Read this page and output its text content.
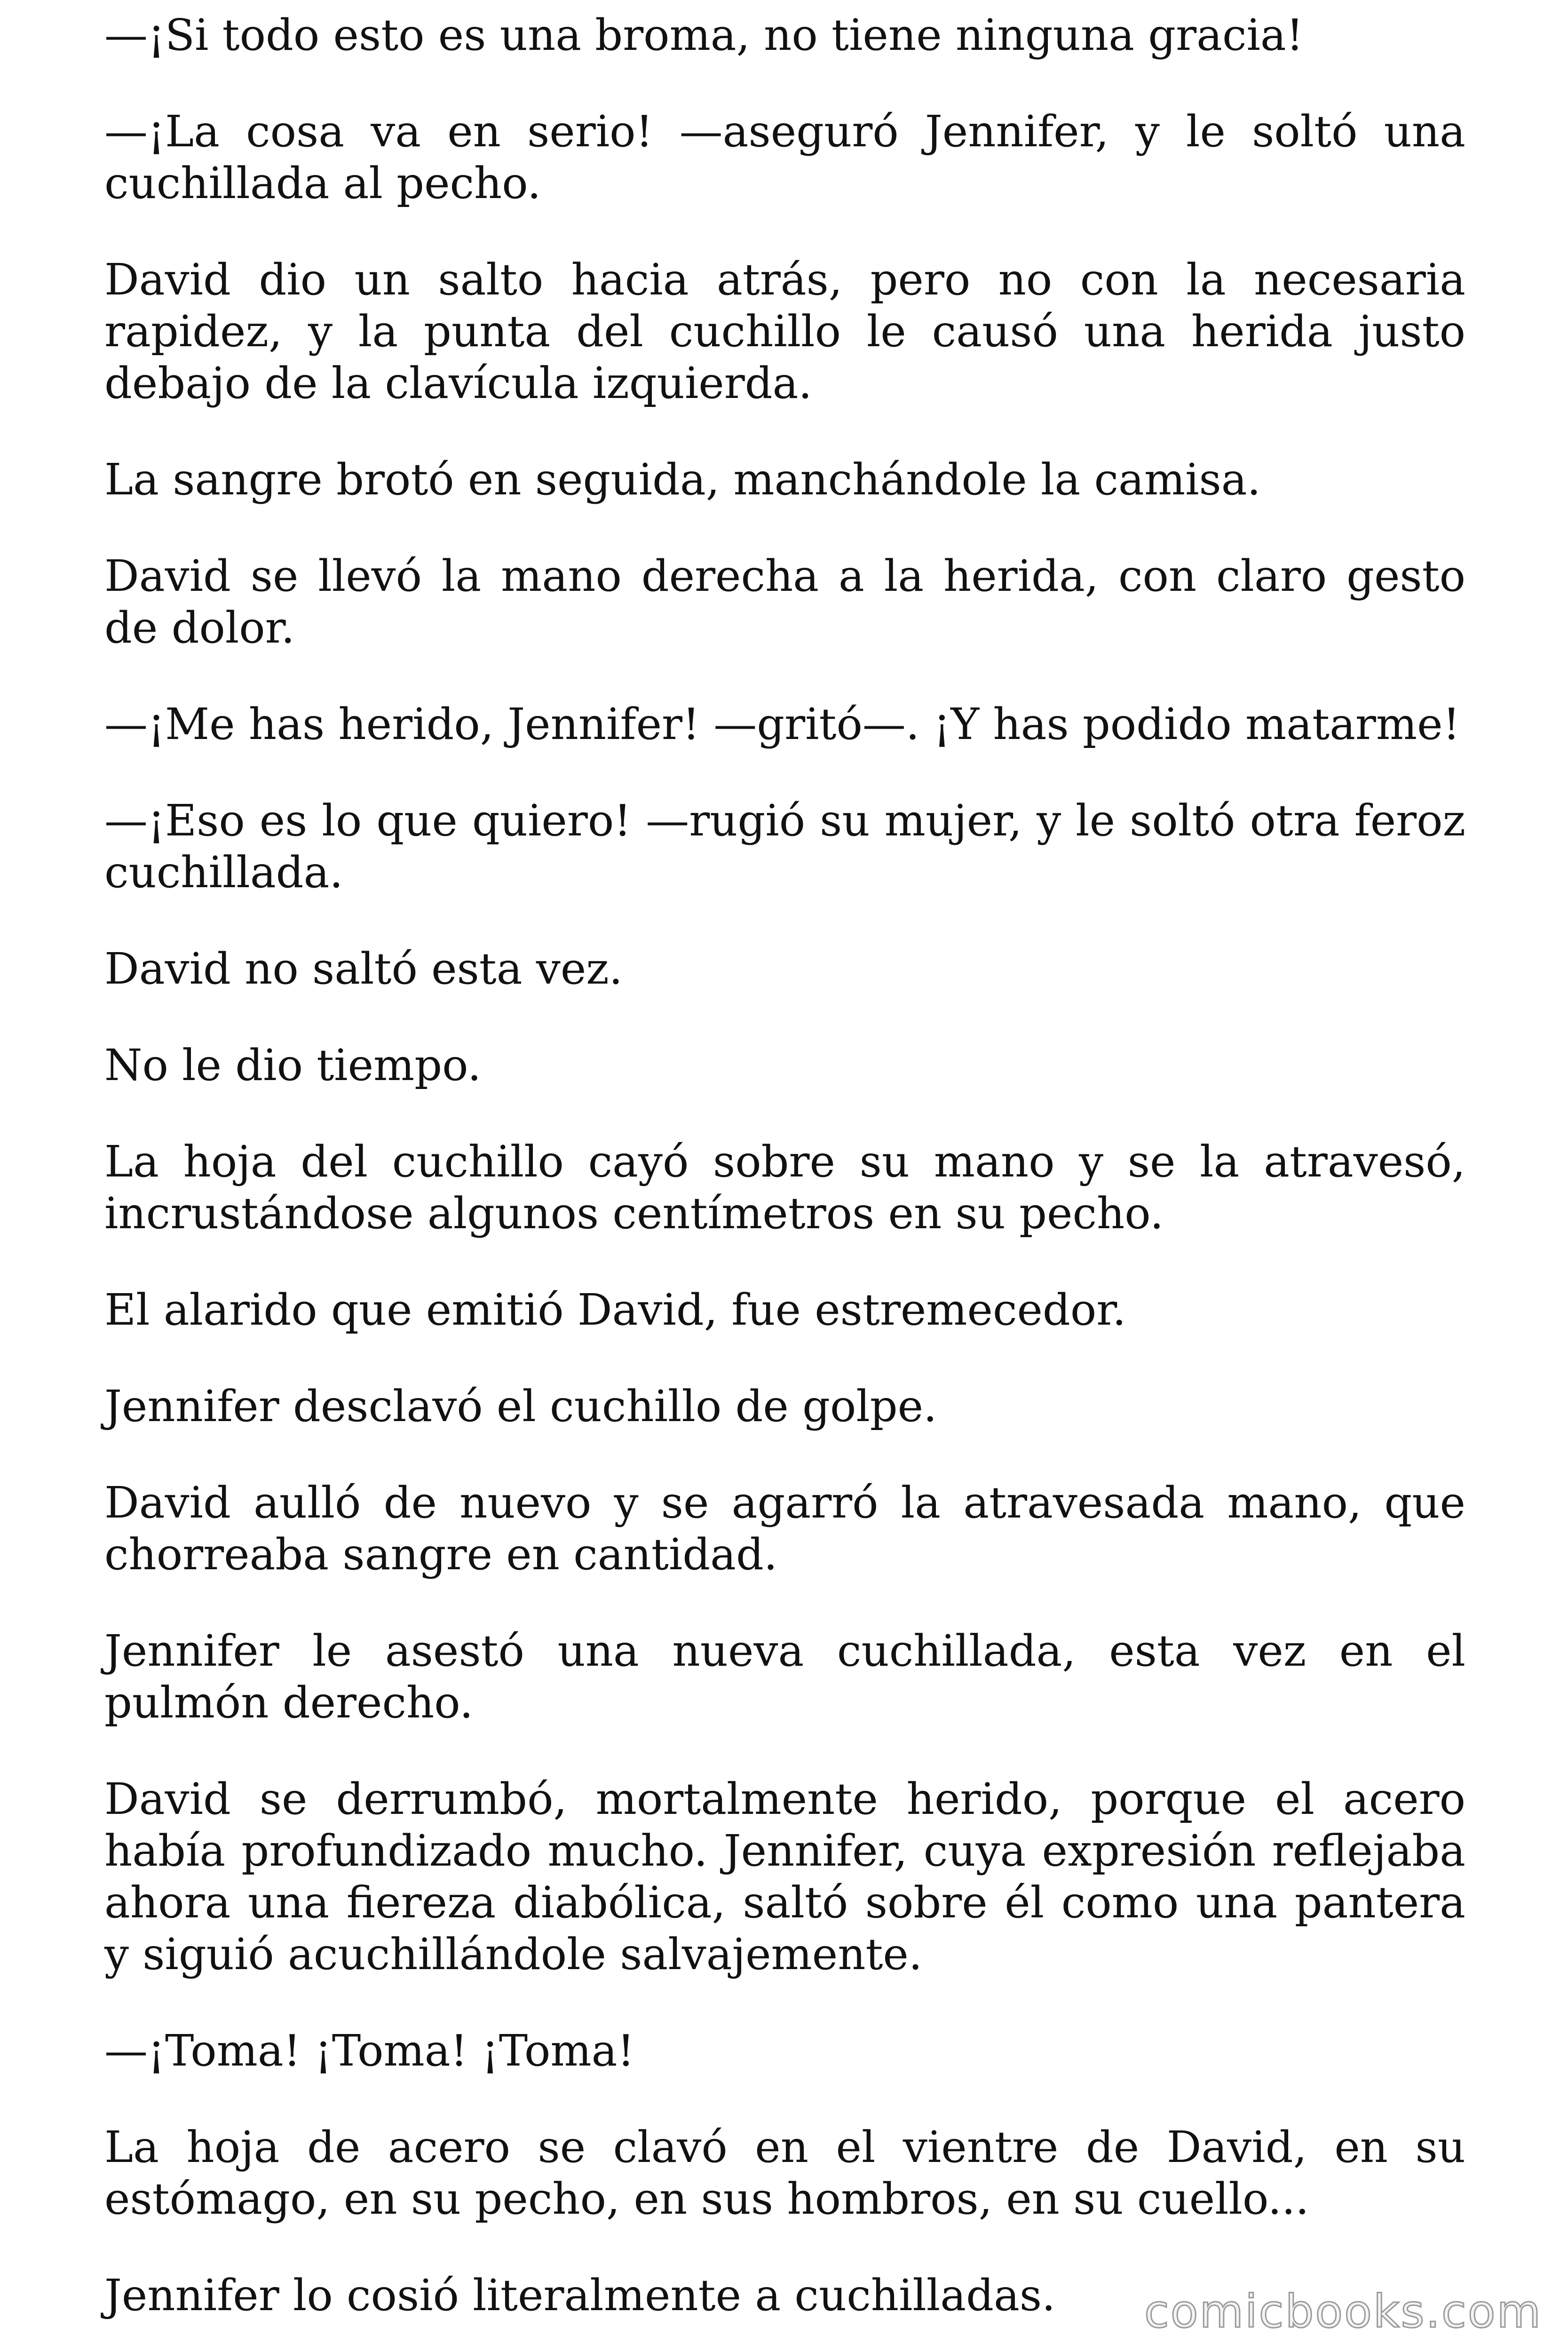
—¡Si todo esto es una broma, no tiene ninguna gracia!

—¡La cosa va en serio! —aseguró Jennifer, y le soltó una cuchillada al pecho.

David dio un salto hacia atrás, pero no con la necesaria rapidez, y la punta del cuchillo le causó una herida justo debajo de la clavícula izquierda.

La sangre brotó en seguida, manchándole la camisa.

David se llevó la mano derecha a la herida, con claro gesto de dolor.

—¡Me has herido, Jennifer! —gritó—. ¡Y has podido matarme!

—¡Eso es lo que quiero! —rugió su mujer, y le soltó otra feroz cuchillada.

David no saltó esta vez.

No le dio tiempo.

La hoja del cuchillo cayó sobre su mano y se la atravesó, incrustándose algunos centímetros en su pecho.

El alarido que emitió David, fue estremecedor.

Jennifer desclavó el cuchillo de golpe.

David aulló de nuevo y se agarró la atravesada mano, que chorreaba sangre en cantidad.

Jennifer le asestó una nueva cuchillada, esta vez en el pulmón derecho.

David se derrumbó, mortalmente herido, porque el acero había profundizado mucho. Jennifer, cuya expresión reflejaba ahora una fiereza diabólica, saltó sobre él como una pantera y siguió acuchillándole salvajemente.

—¡Toma! ¡Toma! ¡Toma!

La hoja de acero se clavó en el vientre de David, en su estómago, en su pecho, en sus hombros, en su cuello...

Jennifer lo cosió literalmente a cuchilladas.	comicbooks.com
